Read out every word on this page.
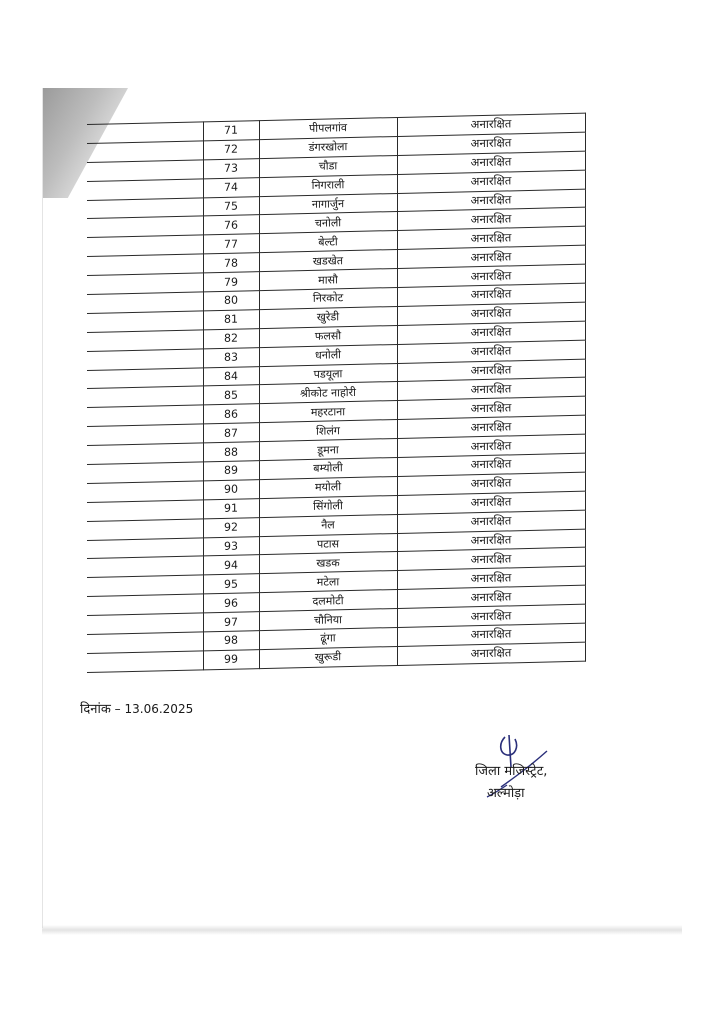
	71	पीपलगांव	अनारक्षित
	72	डंगरखोला	अनारक्षित
	73	चौडा	अनारक्षित
	74	निगराली	अनारक्षित
	75	नागार्जुन	अनारक्षित
	76	चनोली	अनारक्षित
	77	बेल्टी	अनारक्षित
	78	खडखेत	अनारक्षित
	79	मासौ	अनारक्षित
	80	निरकोट	अनारक्षित
	81	खुरेडी	अनारक्षित
	82	फलसौ	अनारक्षित
	83	धनोली	अनारक्षित
	84	पडयूला	अनारक्षित
	85	श्रीकोट नाहोरी	अनारक्षित
	86	महरटाना	अनारक्षित
	87	शिलंग	अनारक्षित
	88	डूमना	अनारक्षित
	89	बम्योली	अनारक्षित
	90	मयोली	अनारक्षित
	91	सिंगोली	अनारक्षित
	92	नैल	अनारक्षित
	93	पटास	अनारक्षित
	94	खडक	अनारक्षित
	95	मटेला	अनारक्षित
	96	दलमोटी	अनारक्षित
	97	चौनिया	अनारक्षित
	98	ढूंगा	अनारक्षित
	99	खुरूडी	अनारक्षित
दिनांक – 13.06.2025
जिला मजिस्ट्रेट,
अल्मोड़ा
